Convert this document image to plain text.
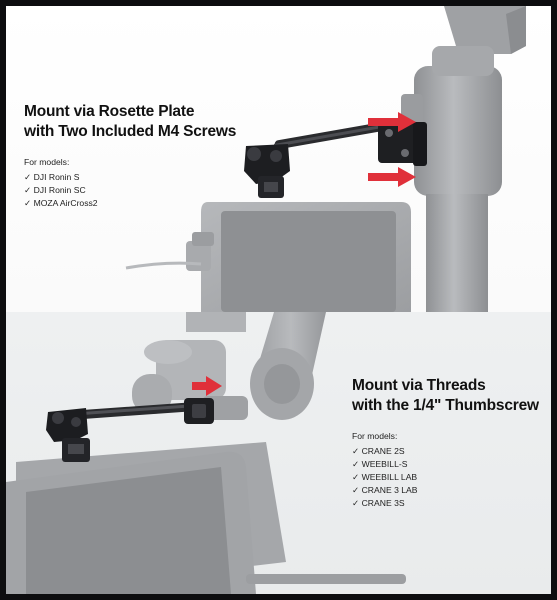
Mount via Rosette Plate
with Two Included M4 Screws
For models:
✓ DJI Ronin S
✓ DJI Ronin SC
✓ MOZA AirCross2
Mount via Threads
with the 1/4" Thumbscrew
For models:
✓ CRANE 2S
✓ WEEBILL-S
✓ WEEBILL LAB
✓ CRANE 3 LAB
✓ CRANE 3S
